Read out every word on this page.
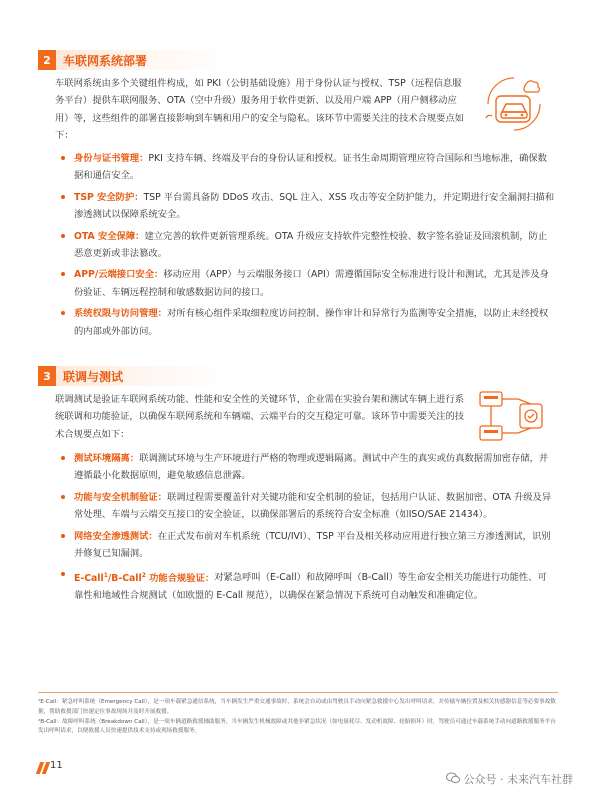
2	车联网系统部署
车联网系统由多个关键组件构成，如 PKI（公钥基础设施）用于身份认证与授权、TSP（远程信息服务平台）提供车联网服务、OTA（空中升级）服务用于软件更新、以及用户端 APP（用户侧移动应用）等，这些组件的部署直接影响到车辆和用户的安全与隐私。该环节中需要关注的技术合规要点如下：
身份与证书管理：PKI 支持车辆、终端及平台的身份认证和授权。证书生命周期管理应符合国际和当地标准，确保数据和通信安全。
TSP 安全防护：TSP 平台需具备防 DDoS 攻击、SQL 注入、XSS 攻击等安全防护能力，并定期进行安全漏洞扫描和渗透测试以保障系统安全。
OTA 安全保障：建立完善的软件更新管理系统。OTA 升级应支持软件完整性校验、数字签名验证及回滚机制，防止恶意更新或非法篡改。
APP/云端接口安全：移动应用（APP）与云端服务接口（API）需遵循国际安全标准进行设计和测试，尤其是涉及身份验证、车辆远程控制和敏感数据访问的接口。
系统权限与访问管理：对所有核心组件采取细粒度访问控制、操作审计和异常行为监测等安全措施，以防止未经授权的内部或外部访问。
3	联调与测试
联调测试是验证车联网系统功能、性能和安全性的关键环节，企业需在实验台架和测试车辆上进行系统联调和功能验证，以确保车联网系统和车辆端、云端平台的交互稳定可靠。该环节中需要关注的技术合规要点如下：
测试环境隔离：联调测试环境与生产环境进行严格的物理或逻辑隔离。测试中产生的真实或仿真数据需加密存储，并遵循最小化数据原则，避免敏感信息泄露。
功能与安全机制验证：联调过程需要覆盖针对关键功能和安全机制的验证，包括用户认证、数据加密、OTA 升级及异常处理、车端与云端交互接口的安全验证，以确保部署后的系统符合安全标准（如ISO/SAE 21434）。
网络安全渗透测试：在正式发布前对车机系统（TCU/IVI）、TSP 平台及相关移动应用进行独立第三方渗透测试，识别并修复已知漏洞。
E-Call$^1$/B-Call$^2$ 功能合规验证：对紧急呼叫（E-Call）和故障呼叫（B-Call）等生命安全相关功能进行功能性、可靠性和地域性合规测试（如欧盟的 E-Call 规范），以确保在紧急情况下系统可自动触发和准确定位。
¹E-Call：紧急呼叫系统（Emergency Call），是一项车载紧急通信系统，当车辆发生严重交通事故时，系统会自动或由驾驶员手动向紧急救援中心发出呼叫请求，并传输车辆位置及相关传感器信息等必要事故数据，帮助救援部门快速定位事故现场并及时开展救援。
²B-Call：故障呼叫系统（Breakdown Call），是一项车辆道路救援辅助服务，当车辆发生机械故障或其他非紧急状况（如电量耗尽、发动机故障、轮胎损坏）时，驾驶员可通过车载系统手动向道路救援服务平台发出呼叫请求，以便救援人员快速提供技术支持或现场救援服务。
11
公众号 · 未来汽车社群
